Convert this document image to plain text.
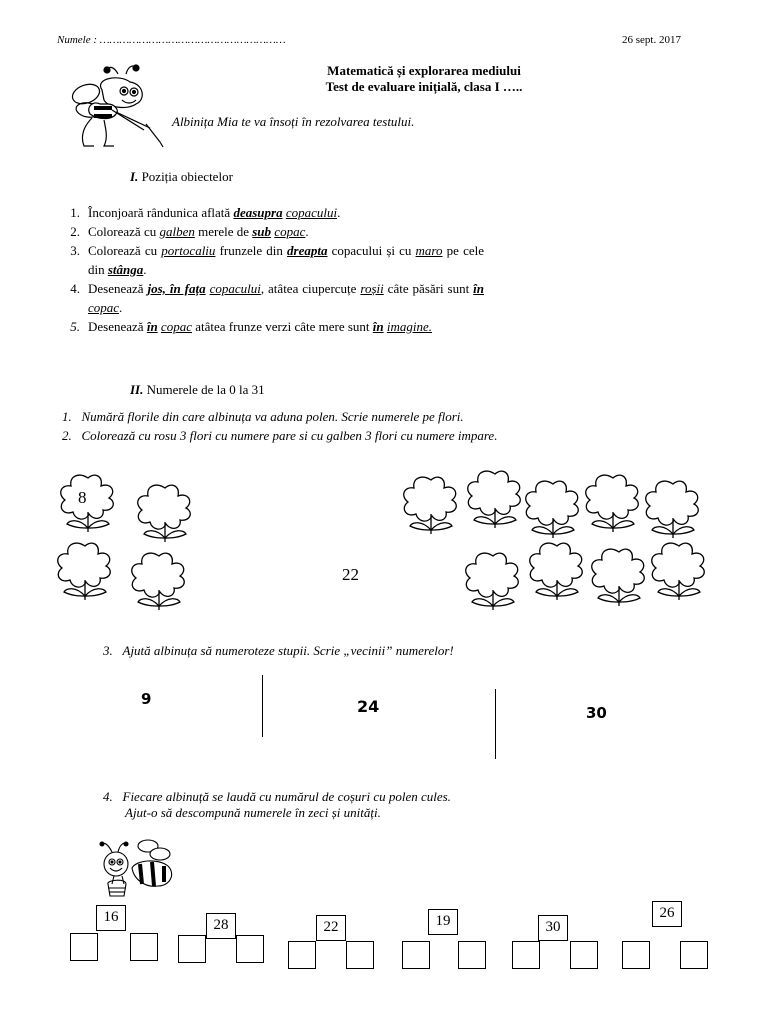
Numele : …………………………………………………	26 sept. 2017
Matematică și explorarea mediului
Test de evaluare inițială, clasa I …..
Albinița Mia te va însoți în rezolvarea testului.
I. Poziția obiectelor
1. Înconjoară rândunica aflată deasupra copacului.
2. Colorează cu galben merele de sub copac.
3. Colorează cu portocaliu frunzele din dreapta copacului și cu maro pe cele din stânga.
4. Desenează jos, în fața copacului, atâtea ciupercuțe roșii câte păsări sunt în copac.
5. Desenează în copac atâtea frunze verzi câte mere sunt în imagine.
II. Numerele de la 0 la 31
1. Numără florile din care albinuța va aduna polen. Scrie numerele pe flori.
2. Colorează cu rosu 3 flori cu numere pare si cu galben 3 flori cu numere impare.
8
22
3. Ajută albinuța să numeroteze stupii. Scrie „vecinii” numerelor!
9	24	30
4. Fiecare albinuță se laudă cu numărul de coșuri cu polen cules.
Ajut-o să descompună numerele în zeci și unități.
16	28	22	19	30
26
